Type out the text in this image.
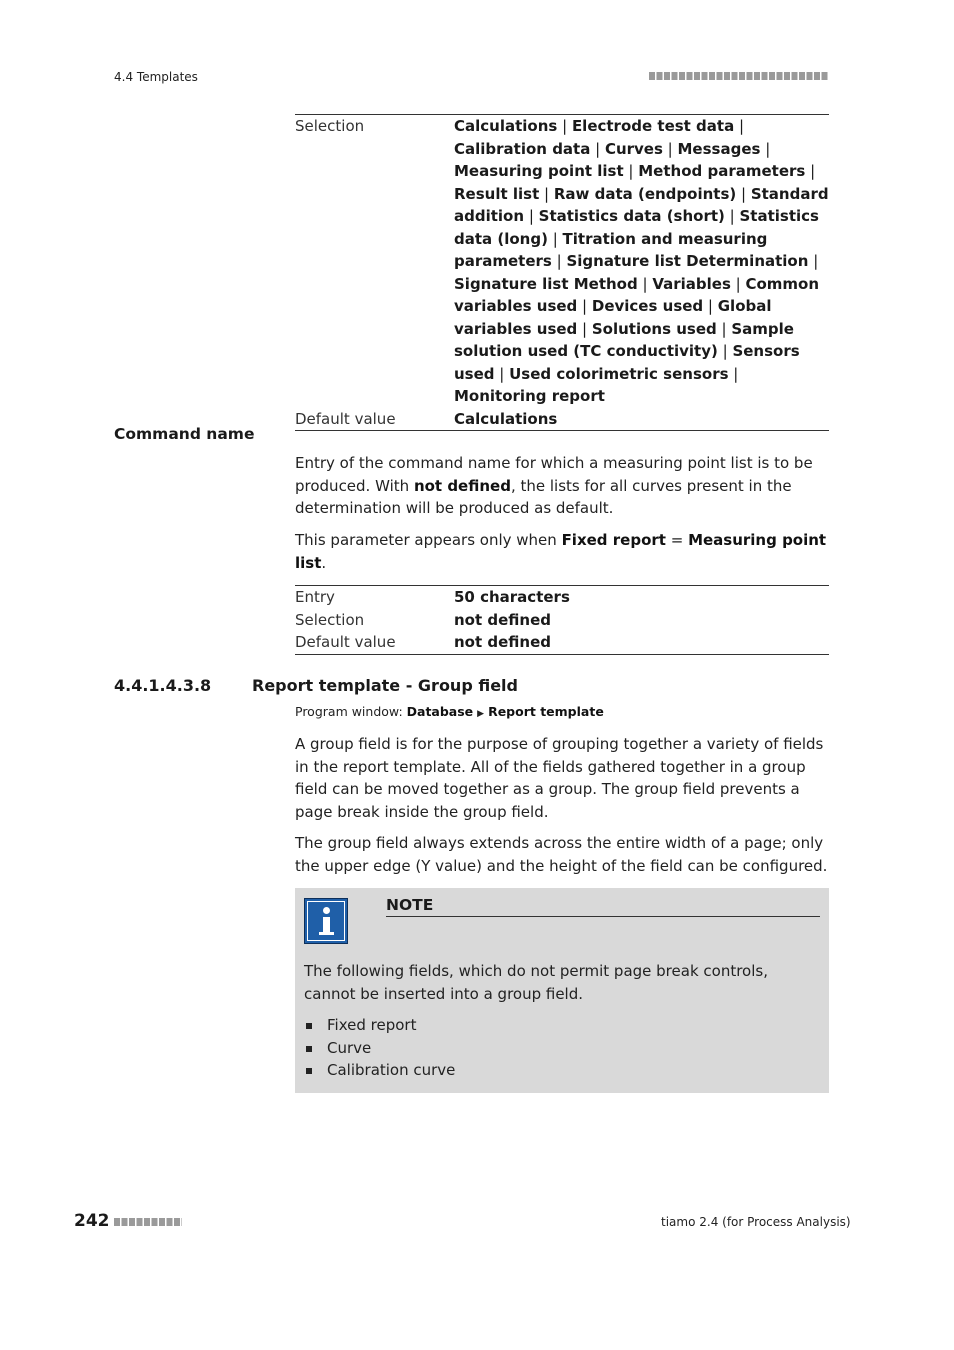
4.4 Templates
Selection	Calculations | Electrode test data | Calibration data | Curves | Messages | Measuring point list | Method parameters | Result list | Raw data (endpoints) | Standard addition | Statistics data (short) | Statistics data (long) | Titration and measuring parameters | Signature list Determination | Signature list Method | Variables | Common variables used | Devices used | Global variables used | Solutions used | Sample solution used (TC conductivity) | Sensors used | Used colorimetric sensors | Monitoring report
Default value	Calculations
Command name
Entry of the command name for which a measuring point list is to be produced. With not defined, the lists for all curves present in the determination will be produced as default.
This parameter appears only when Fixed report = Measuring point list.
Entry	50 characters
Selection	not defined
Default value	not defined
4.4.1.4.3.8	Report template - Group field
Program window: Database ▶ Report template
A group field is for the purpose of grouping together a variety of fields in the report template. All of the fields gathered together in a group field can be moved together as a group. The group field prevents a page break inside the group field.
The group field always extends across the entire width of a page; only the upper edge (Y value) and the height of the field can be configured.
NOTE
The following fields, which do not permit page break controls, cannot be inserted into a group field.
Fixed report
Curve
Calibration curve
242	tiamo 2.4 (for Process Analysis)
